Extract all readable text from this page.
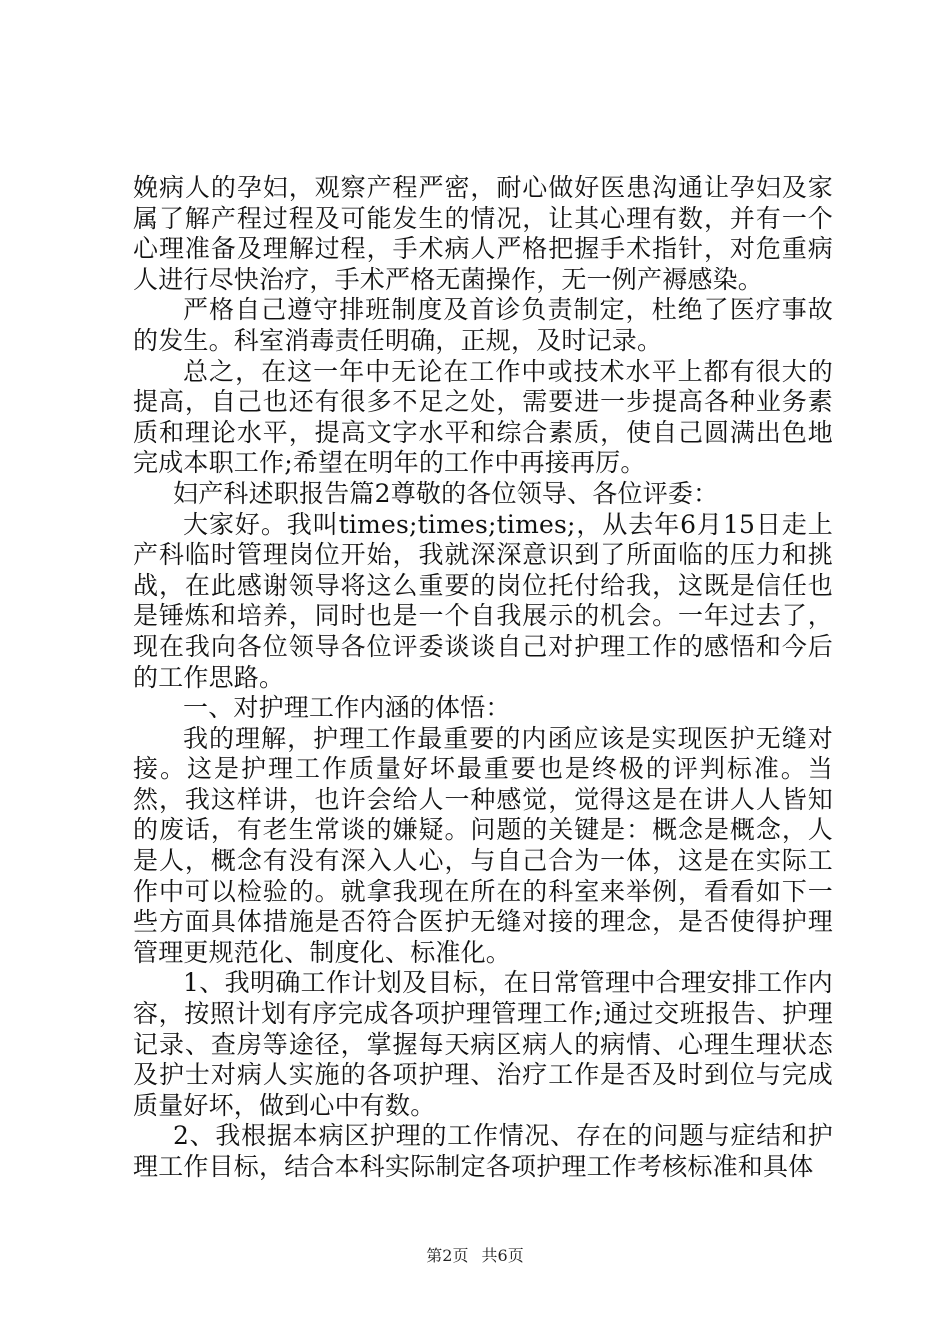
娩病人的孕妇，观察产程严密，耐心做好医患沟通让孕妇及家属了解产程过程及可能发生的情况，让其心理有数，并有一个心理准备及理解过程，手术病人严格把握手术指针，对危重病人进行尽快治疗，手术严格无菌操作，无一例产褥感染。

严格自己遵守排班制度及首诊负责制定，杜绝了医疗事故的发生。科室消毒责任明确，正规，及时记录。

总之，在这一年中无论在工作中或技术水平上都有很大的提高，自己也还有很多不足之处，需要进一步提高各种业务素质和理论水平，提高文字水平和综合素质，使自己圆满出色地完成本职工作;希望在明年的工作中再接再厉。

妇产科述职报告篇2尊敬的各位领导、各位评委：

大家好。我叫times;times;times;，从去年6月15日走上产科临时管理岗位开始，我就深深意识到了所面临的压力和挑战，在此感谢领导将这么重要的岗位托付给我，这既是信任也是锤炼和培养，同时也是一个自我展示的机会。一年过去了，现在我向各位领导各位评委谈谈自己对护理工作的感悟和今后的工作思路。

一、对护理工作内涵的体悟：

我的理解，护理工作最重要的内函应该是实现医护无缝对接。这是护理工作质量好坏最重要也是终极的评判标准。当然，我这样讲，也许会给人一种感觉，觉得这是在讲人人皆知的废话，有老生常谈的嫌疑。问题的关键是：概念是概念，人是人，概念有没有深入人心，与自己合为一体，这是在实际工作中可以检验的。就拿我现在所在的科室来举例，看看如下一些方面具体措施是否符合医护无缝对接的理念，是否使得护理管理更规范化、制度化、标准化。

1、我明确工作计划及目标，在日常管理中合理安排工作内容，按照计划有序完成各项护理管理工作;通过交班报告、护理记录、查房等途径，掌握每天病区病人的病情、心理生理状态及护士对病人实施的各项护理、治疗工作是否及时到位与完成质量好坏，做到心中有数。

2、我根据本病区护理的工作情况、存在的问题与症结和护理工作目标，结合本科实际制定各项护理工作考核标准和具体

第2页 共6页
